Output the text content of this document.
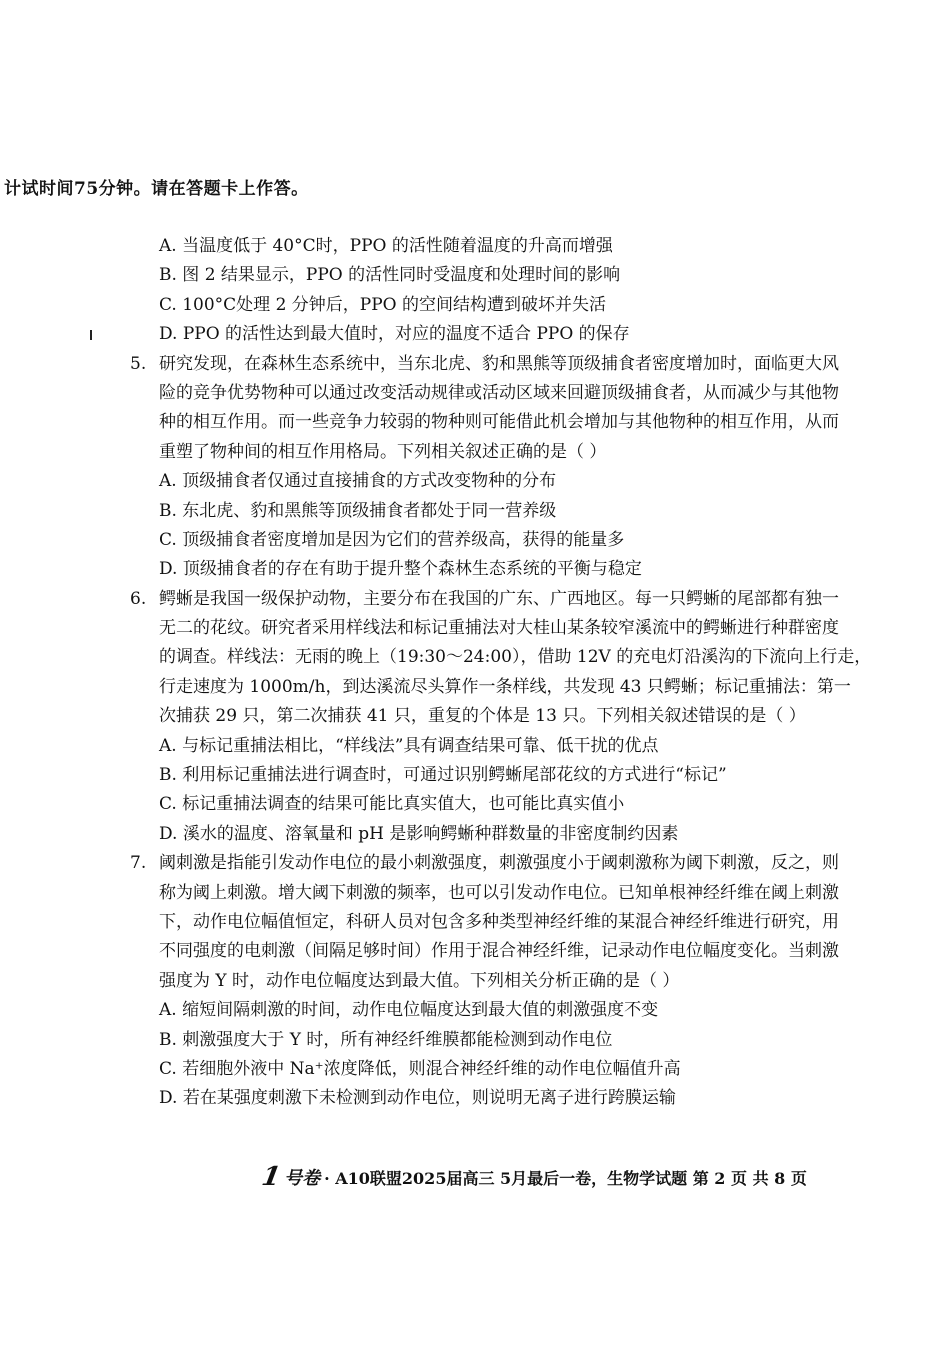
计试时间75分钟。请在答题卡上作答。
A. 当温度低于 40°C时，PPO 的活性随着温度的升高而增强
B. 图 2 结果显示，PPO 的活性同时受温度和处理时间的影响
C. 100°C处理 2 分钟后，PPO 的空间结构遭到破坏并失活
D. PPO 的活性达到最大值时，对应的温度不适合 PPO 的保存
5. 研究发现，在森林生态系统中，当东北虎、豹和黑熊等顶级捕食者密度增加时，面临更大风
险的竞争优势物种可以通过改变活动规律或活动区域来回避顶级捕食者，从而减少与其他物
种的相互作用。而一些竞争力较弱的物种则可能借此机会增加与其他物种的相互作用，从而
重塑了物种间的相互作用格局。下列相关叙述正确的是（ ）
A. 顶级捕食者仅通过直接捕食的方式改变物种的分布
B. 东北虎、豹和黑熊等顶级捕食者都处于同一营养级
C. 顶级捕食者密度增加是因为它们的营养级高，获得的能量多
D. 顶级捕食者的存在有助于提升整个森林生态系统的平衡与稳定
6. 鳄蜥是我国一级保护动物，主要分布在我国的广东、广西地区。每一只鳄蜥的尾部都有独一
无二的花纹。研究者采用样线法和标记重捕法对大桂山某条较窄溪流中的鳄蜥进行种群密度
的调查。样线法：无雨的晚上（19:30～24:00），借助 12V 的充电灯沿溪沟的下流向上行走，
行走速度为 1000m/h，到达溪流尽头算作一条样线，共发现 43 只鳄蜥；标记重捕法：第一
次捕获 29 只，第二次捕获 41 只，重复的个体是 13 只。下列相关叙述错误的是（ ）
A. 与标记重捕法相比，“样线法”具有调查结果可靠、低干扰的优点
B. 利用标记重捕法进行调查时，可通过识别鳄蜥尾部花纹的方式进行“标记”
C. 标记重捕法调查的结果可能比真实值大，也可能比真实值小
D. 溪水的温度、溶氧量和 pH 是影响鳄蜥种群数量的非密度制约因素
7. 阈刺激是指能引发动作电位的最小刺激强度，刺激强度小于阈刺激称为阈下刺激，反之，则
称为阈上刺激。增大阈下刺激的频率，也可以引发动作电位。已知单根神经纤维在阈上刺激
下，动作电位幅值恒定，科研人员对包含多种类型神经纤维的某混合神经纤维进行研究，用
不同强度的电刺激（间隔足够时间）作用于混合神经纤维，记录动作电位幅度变化。当刺激
强度为 Y 时，动作电位幅度达到最大值。下列相关分析正确的是（ ）
A. 缩短间隔刺激的时间，动作电位幅度达到最大值的刺激强度不变
B. 刺激强度大于 Y 时，所有神经纤维膜都能检测到动作电位
C. 若细胞外液中 Na⁺浓度降低，则混合神经纤维的动作电位幅值升高
D. 若在某强度刺激下未检测到动作电位，则说明无离子进行跨膜运输
1 号卷 · A10联盟2025届高三 5月最后一卷，生物学试题 第 2 页 共 8 页
